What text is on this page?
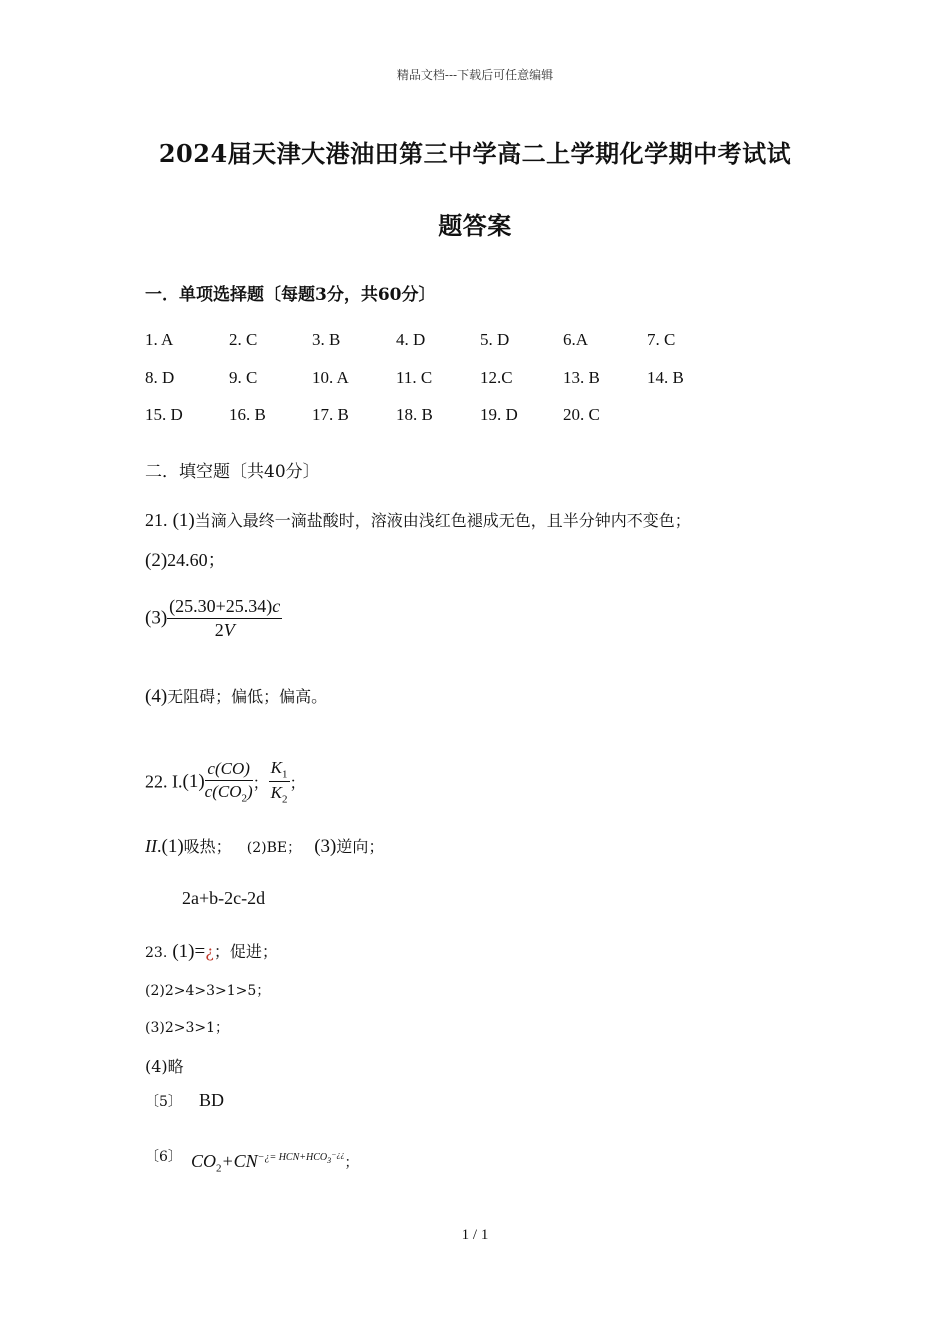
精品文档---下载后可任意编辑
2024届天津大港油田第三中学高二上学期化学期中考试试
题答案
一．单项选择题〔每题3分，共60分〕
1. A	2. C	3. B	4. D	5. D	6.A	7. C
8. D	9. C	10. A	11. C	12.C	13. B	14. B
15. D	16. B	17. B	18. B	19. D	20. C
二．填空题〔共40分〕
21. (1)当滴入最终一滴盐酸时，溶液由浅红色褪成无色，且半分钟内不变色；
(2)24.60；
$(3) \frac{(25.30+25.34)c}{2V}$
(4)无阻碍；偏低；偏高。
22. $I.(1) \frac{c(CO)}{c(CO_2)}$ ； $\frac{K_1}{K_2}$ ；
II.(1)吸热； (2)BE； (3)逆向；
2a+b-2c-2d
23. (1)=¿；促进；
(2)2>4>3>1>5；
(3)2>3>1；
(4)略
〔5〕 BD
〔6〕 $CO_2+CN^{-¿= HCN+HCO_3^{-¿¿}}$；
1 / 1
